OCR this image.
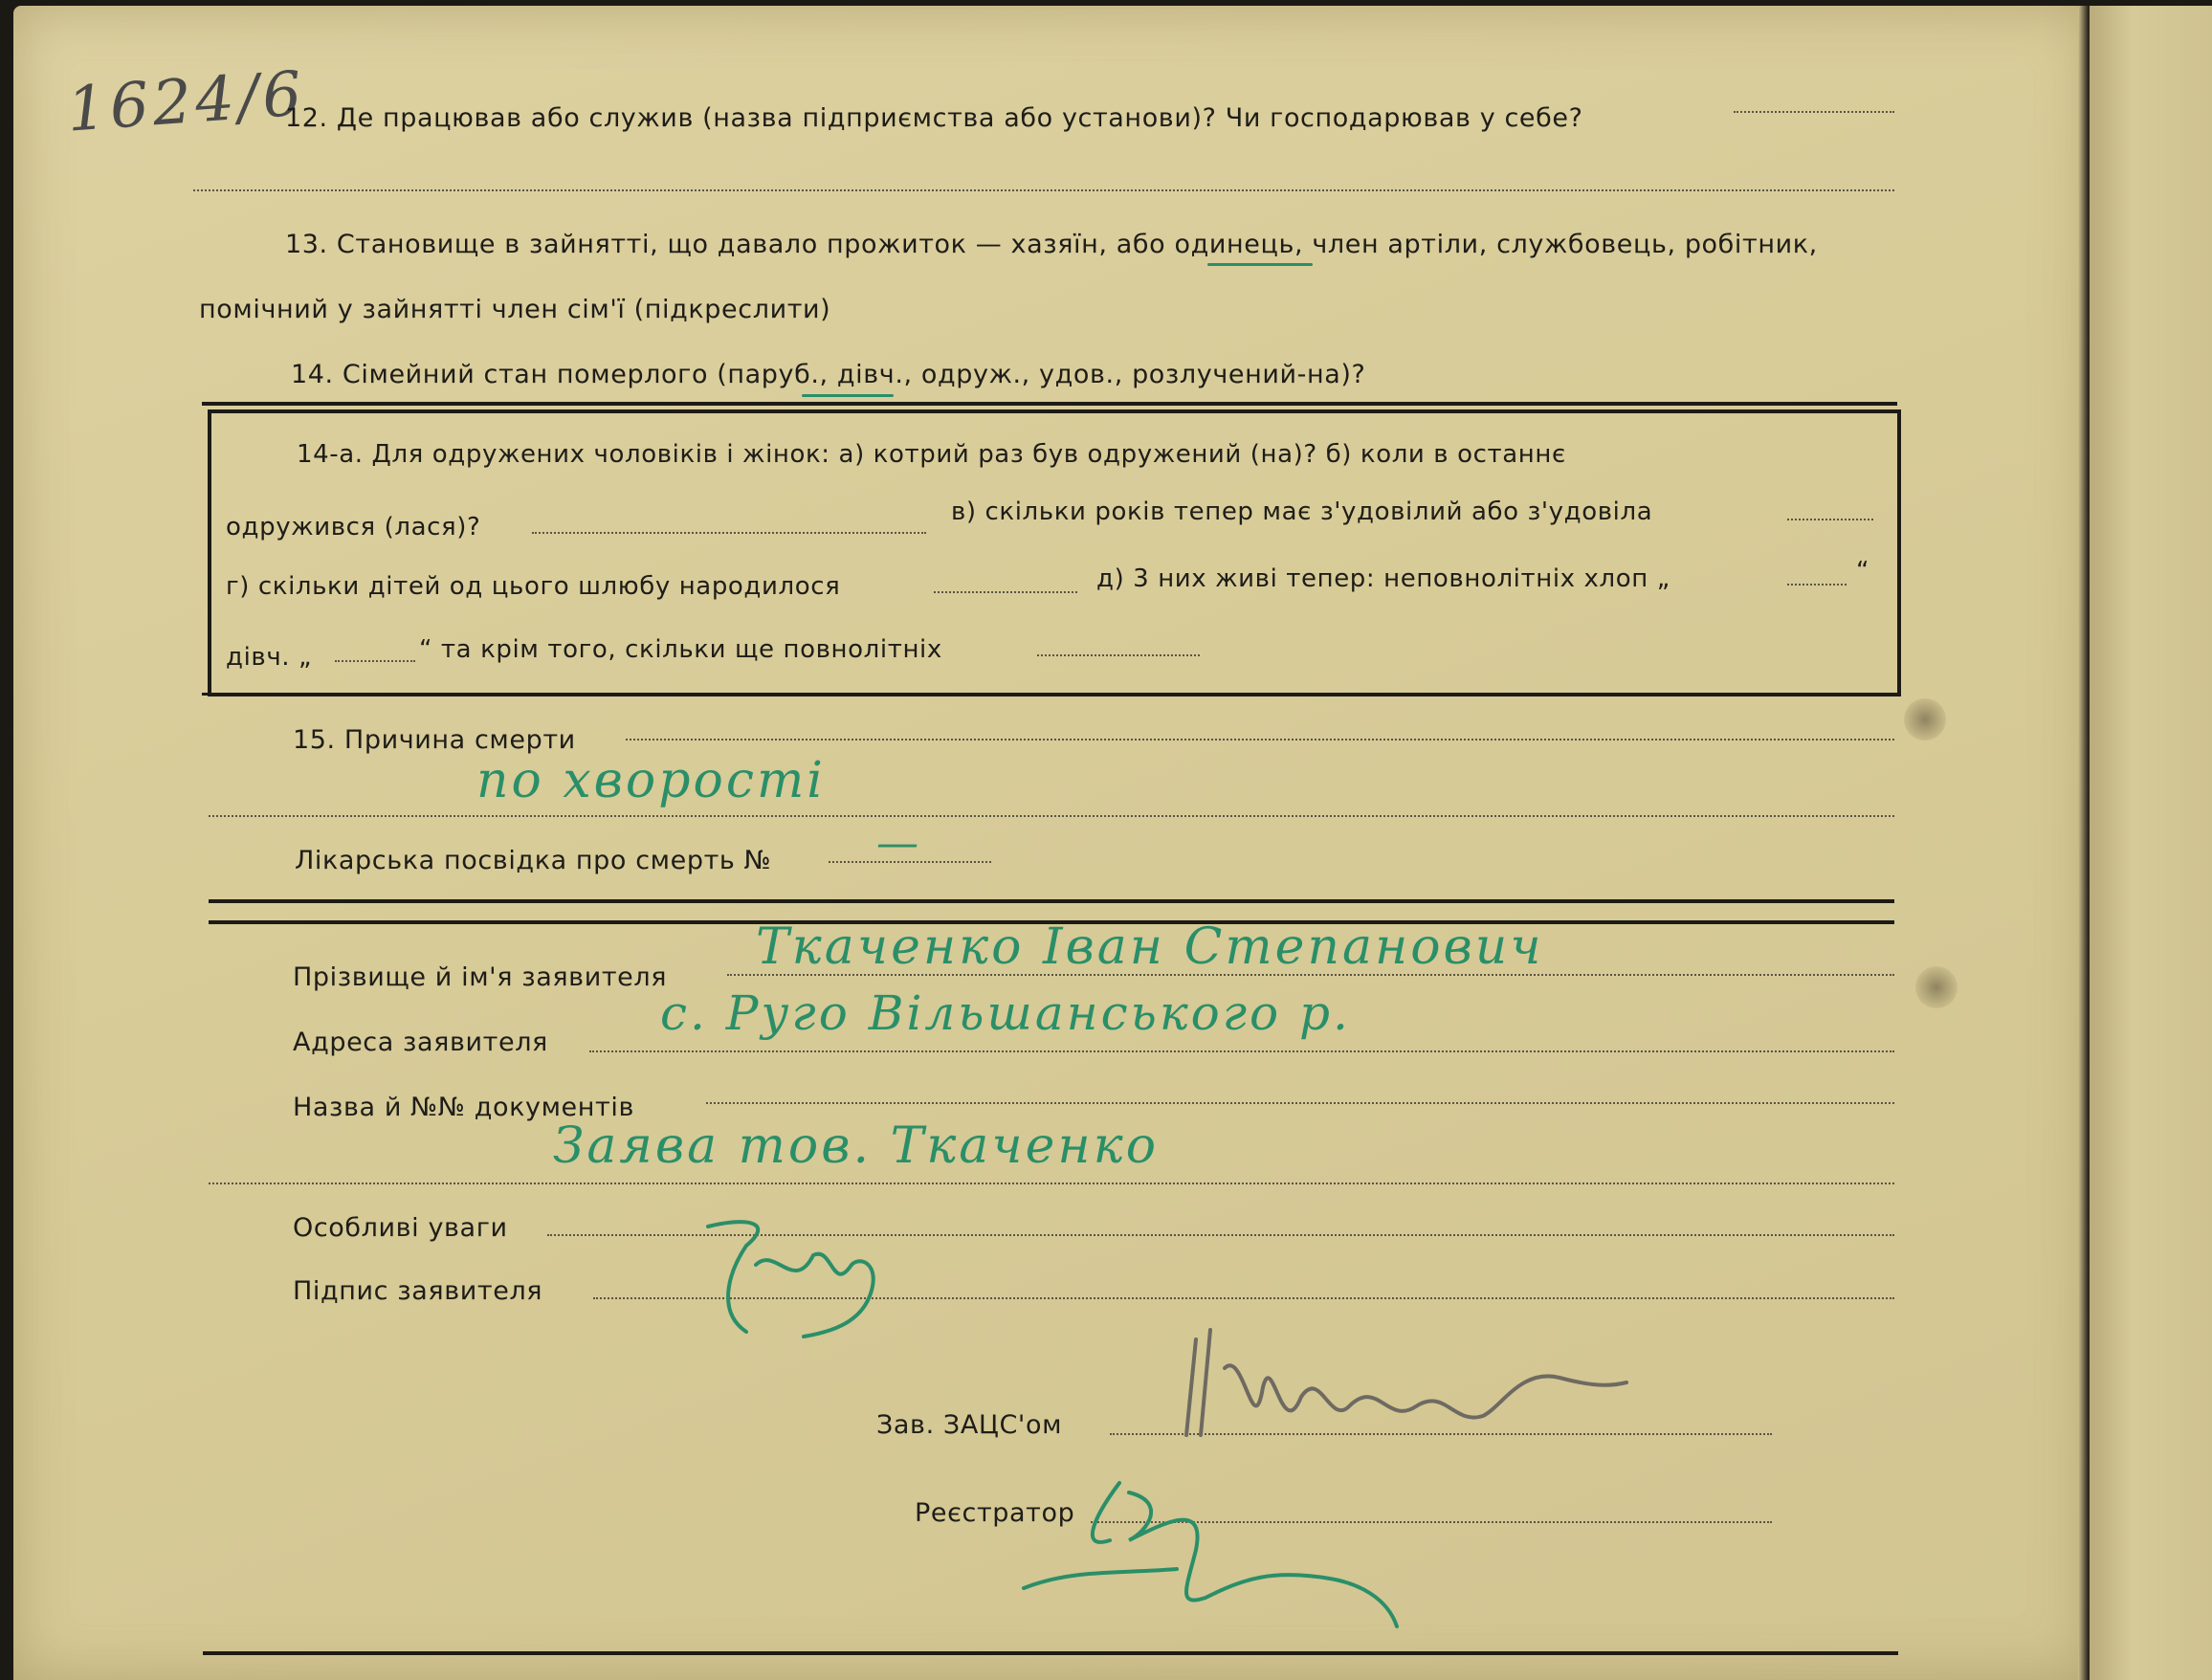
1624/6
12. Де працював або служив (назва підприємства або установи)? Чи господарював у себе?
13. Становище в зайнятті, що давало прожиток — хазяїн, або одинець, член артіли, службовець, робітник,
помічний у зайнятті член сім'ї (підкреслити)
14. Сімейний стан померлого (паруб., дівч., одруж., удов., розлучений-на)?
14-а. Для одружених чоловіків і жінок: а) котрий раз був одружений (на)? б) коли в останнє
одружився (лася)?
в) скільки років тепер має з'удовілий або з'удовіла
г) скільки дітей од цього шлюбу народилося	д) 3 них живі тепер: неповнолітніх хлоп „	“
дівч. „	“ та крім того, скільки ще повнолітніх
15. Причина смерти
по хворості
Лікарська посвідка про смерть № —
Прізвище й ім'я заявителя
Ткаченко Іван Степанович
Адреса заявителя
с. Руго Вільшанського р.
Назва й №№ документів
Заява тов. Ткаченко
Особливі уваги
Підпис заявителя
Зав. ЗАЦС'ом
Реєстратор
